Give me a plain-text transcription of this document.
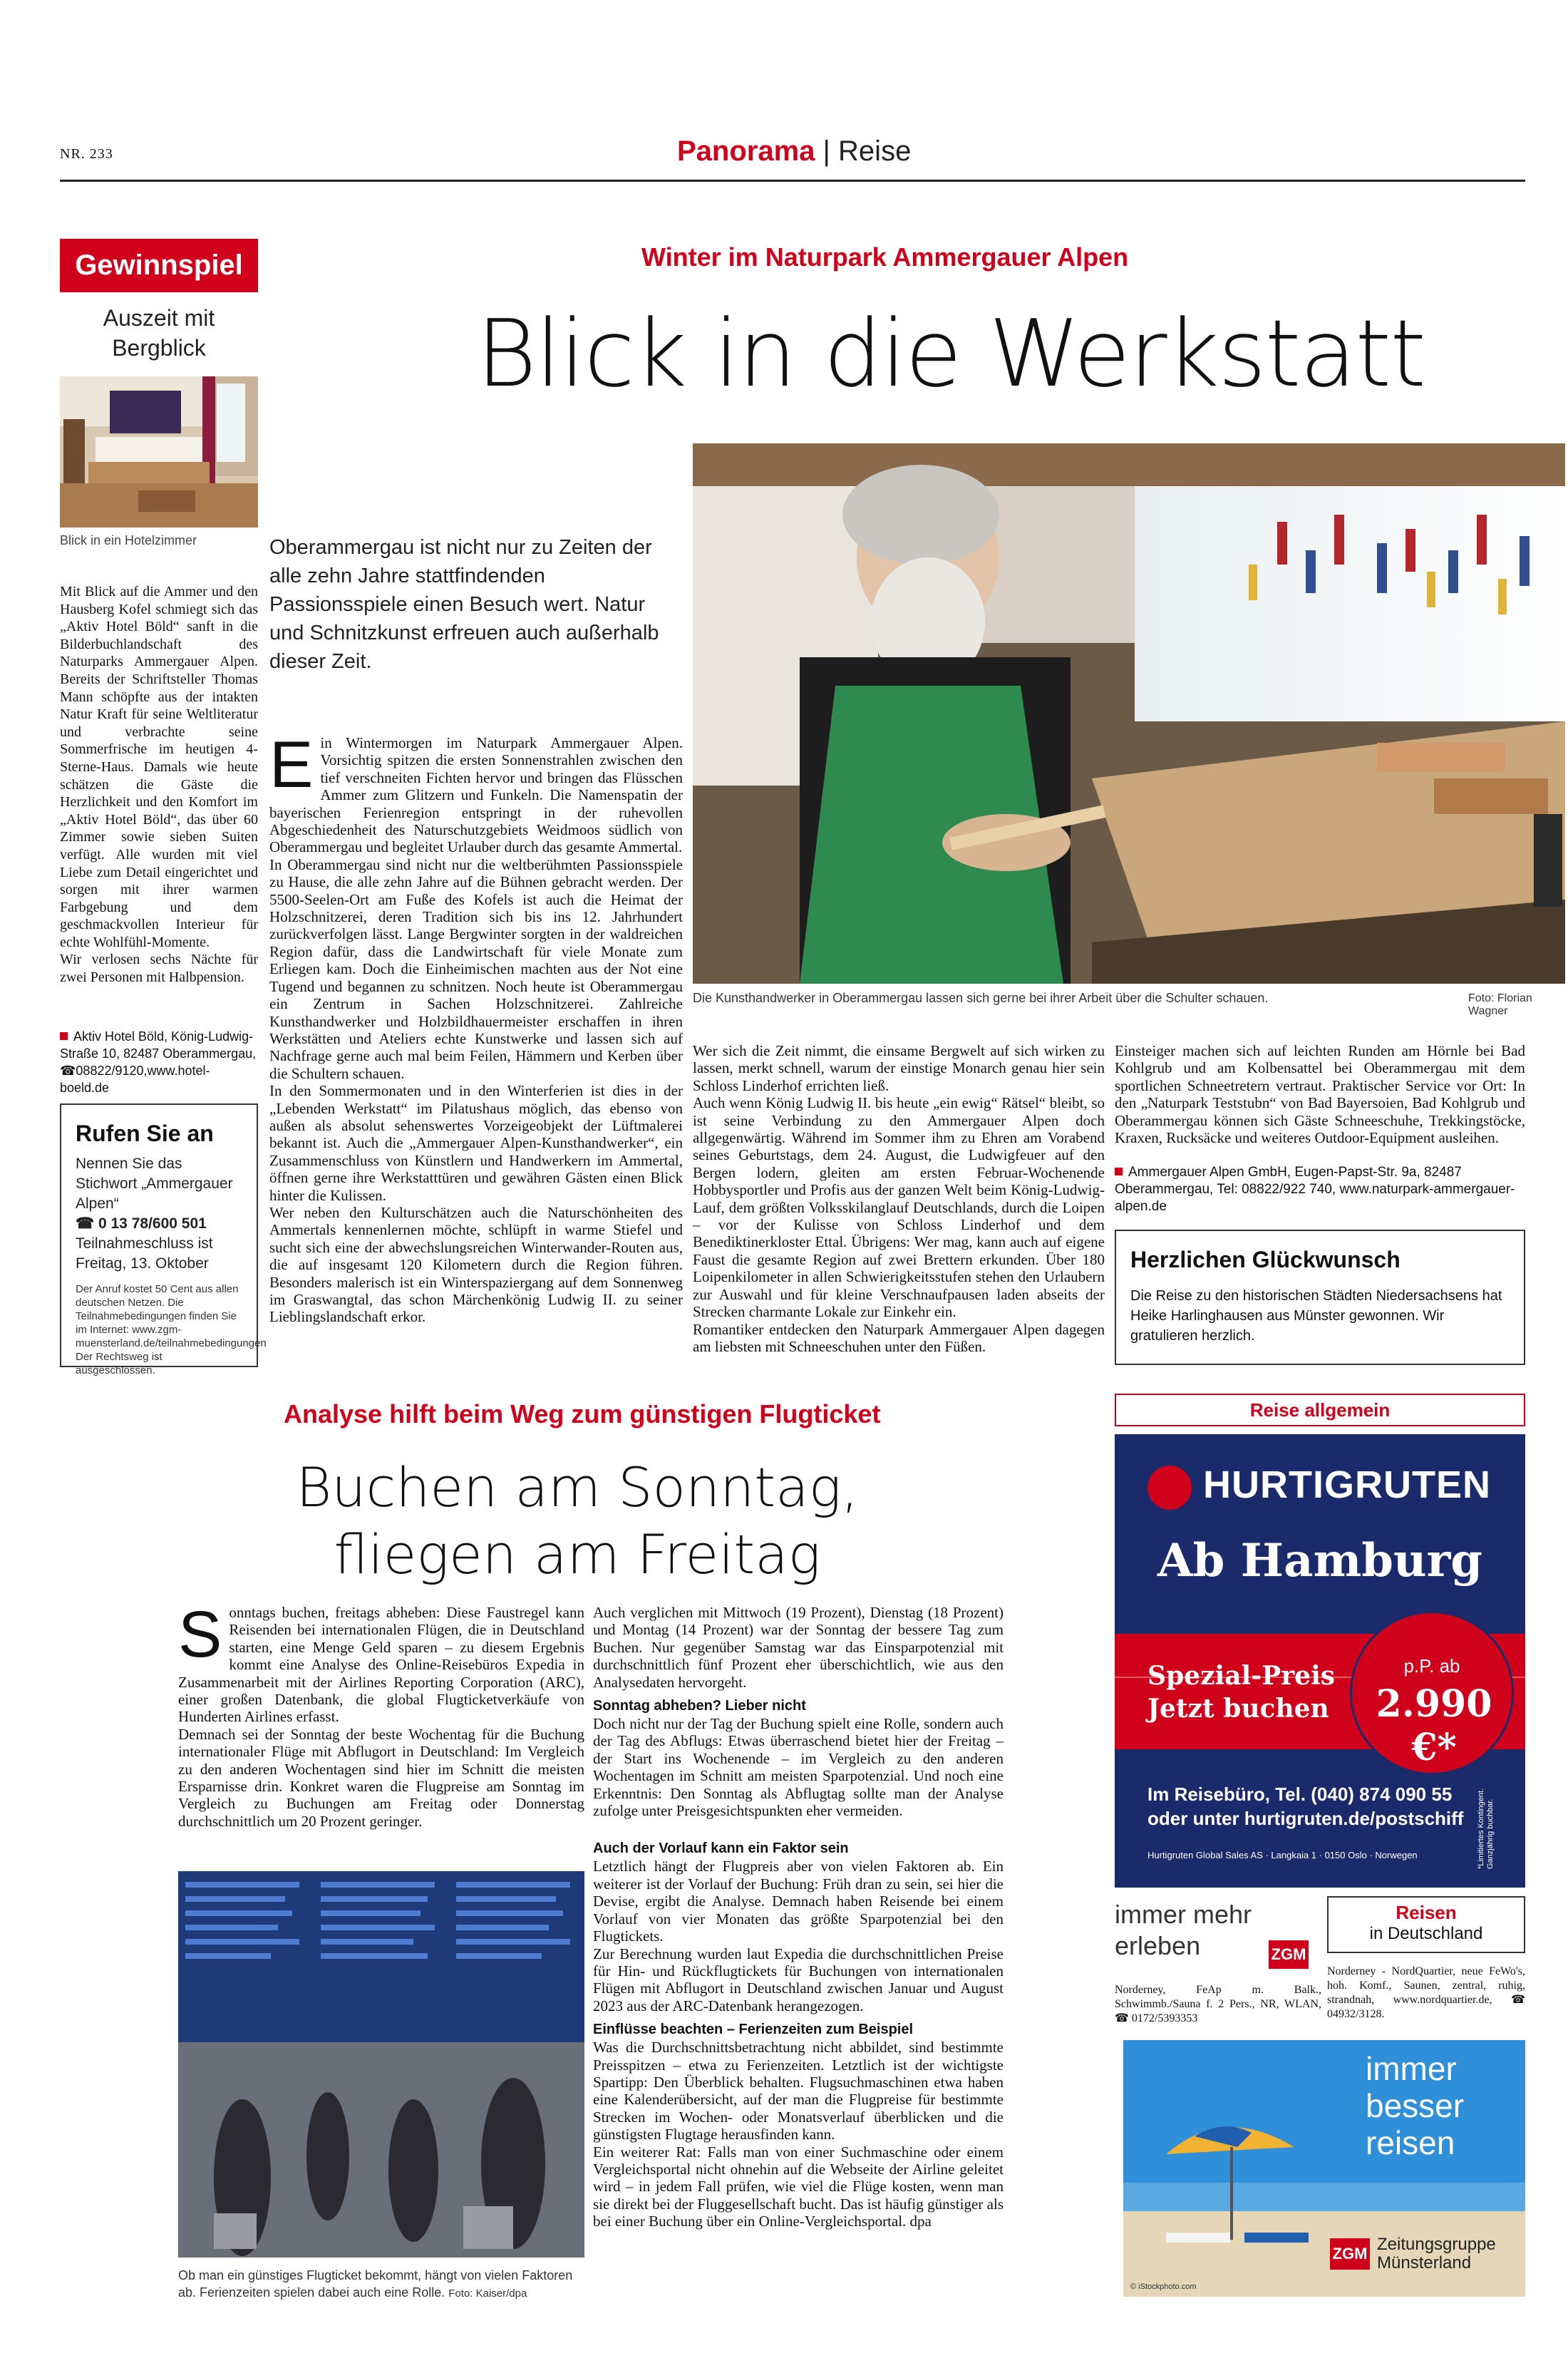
NR. 233	Panorama | Reise
Gewinnspiel
Auszeit mit Bergblick
Blick in ein Hotelzimmer

Mit Blick auf die Ammer und den Hausberg Kofel schmiegt sich das „Aktiv Hotel Böld“ sanft in die Bilderbuchlandschaft des Naturparks Ammergauer Alpen. Bereits der Schriftsteller Thomas Mann schöpfte aus der intakten Natur Kraft für seine Weltliteratur und verbrachte seine Sommerfrische im heutigen 4-Sterne-Haus. Damals wie heute schätzen die Gäste die Herzlichkeit und den Komfort im „Aktiv Hotel Böld“, das über 60 Zimmer sowie sieben Suiten verfügt. Alle wurden mit viel Liebe zum Detail eingerichtet und sorgen mit ihrer warmen Farbgebung und dem geschmackvollen Interieur für echte Wohlfühl-Momente.

Wir verlosen sechs Nächte für zwei Personen mit Halbpension.

Aktiv Hotel Böld, König-Ludwig-Straße 10, 82487 Oberammergau, ☎08822/9120,www.hotel-boeld.de
Rufen Sie an
Nennen Sie das Stichwort „Ammergauer Alpen“
☎ 0 13 78/600 501
Teilnahmeschluss ist Freitag, 13. Oktober
Der Anruf kostet 50 Cent aus allen deutschen Netzen. Die Teilnahmebedingungen finden Sie im Internet: www.zgm-muensterland.de/teilnahmebedingungen Der Rechtsweg ist ausgeschlossen.
Winter im Naturpark Ammergauer Alpen
Blick in die Werkstatt
Oberammergau ist nicht nur zu Zeiten der alle zehn Jahre stattfindenden Passionsspiele einen Besuch wert. Natur und Schnitzkunst erfreuen auch außerhalb dieser Zeit.
Die Kunsthandwerker in Oberammergau lassen sich gerne bei ihrer Arbeit über die Schulter schauen.	Foto: Florian Wagner
E in Wintermorgen im Naturpark Ammergauer Alpen. Vorsichtig spitzen die ersten Sonnenstrahlen zwischen den tief verschneiten Fichten hervor und bringen das Flüsschen Ammer zum Glitzern und Funkeln. Die Namenspatin der bayerischen Ferienregion entspringt in der ruhevollen Abgeschiedenheit des Naturschutzgebiets Weidmoos südlich von Oberammergau und begleitet Urlauber durch das gesamte Ammertal.

In Oberammergau sind nicht nur die weltberühmten Passionsspiele zu Hause, die alle zehn Jahre auf die Bühnen gebracht werden. Der 5500-Seelen-Ort am Fuße des Kofels ist auch die Heimat der Holzschnitzerei, deren Tradition sich bis ins 12. Jahrhundert zurückverfolgen lässt. Lange Bergwinter sorgten in der waldreichen Region dafür, dass die Landwirtschaft für viele Monate zum Erliegen kam. Doch die Einheimischen machten aus der Not eine Tugend und begannen zu schnitzen. Noch heute ist Oberammergau ein Zentrum in Sachen Holzschnitzerei. Zahlreiche Kunsthandwerker und Holzbildhauermeister erschaffen in ihren Werkstätten und Ateliers echte Kunstwerke und lassen sich auf Nachfrage gerne auch mal beim Feilen, Hämmern und Kerben über die Schultern schauen.

In den Sommermonaten und in den Winterferien ist dies in der „Lebenden Werkstatt“ im Pilatushaus möglich, das ebenso von außen als absolut sehenswertes Vorzeigeobjekt der Lüftmalerei bekannt ist. Auch die „Ammergauer Alpen-Kunsthandwerker“, ein Zusammenschluss von Künstlern und Handwerkern im Ammertal, öffnen gerne ihre Werkstatttüren und gewähren Gästen einen Blick hinter die Kulissen.

Wer neben den Kulturschätzen auch die Naturschönheiten des Ammertals kennenlernen möchte, schlüpft in warme Stiefel und sucht sich eine der abwechslungsreichen Winterwander-Routen aus, die auf insgesamt 120 Kilometern durch die Region führen. Besonders malerisch ist ein Winterspaziergang auf dem Sonnenweg im Graswangtal, das schon Märchenkönig Ludwig II. zu seiner Lieblingslandschaft erkor.

Wer sich die Zeit nimmt, die einsame Bergwelt auf sich wirken zu lassen, merkt schnell, warum der einstige Monarch genau hier sein Schloss Linderhof errichten ließ.

Auch wenn König Ludwig II. bis heute „ein ewig“ Rätsel“ bleibt, so ist seine Verbindung zu den Ammergauer Alpen doch allgegenwärtig. Während im Sommer ihm zu Ehren am Vorabend seines Geburtstags, dem 24. August, die Ludwigfeuer auf den Bergen lodern, gleiten am ersten Februar-Wochenende Hobbysportler und Profis aus der ganzen Welt beim König-Ludwig-Lauf, dem größten Volksskilanglauf Deutschlands, durch die Loipen – vor der Kulisse von Schloss Linderhof und dem Benediktinerkloster Ettal. Übrigens: Wer mag, kann auch auf eigene Faust die gesamte Region auf zwei Brettern erkunden. Über 180 Loipenkilometer in allen Schwierigkeitsstufen stehen den Urlaubern zur Auswahl und für kleine Verschnaufpausen laden abseits der Strecken charmante Lokale zur Einkehr ein.

Romantiker entdecken den Naturpark Ammergauer Alpen dagegen am liebsten mit Schneeschuhen unter den Füßen.

Einsteiger machen sich auf leichten Runden am Hörnle bei Bad Kohlgrub und am Kolbensattel bei Oberammergau mit dem sportlichen Schneetretern vertraut. Praktischer Service vor Ort: In den „Naturpark Teststubn“ von Bad Bayersoien, Bad Kohlgrub und Oberammergau können sich Gäste Schneeschuhe, Trekkingstöcke, Kraxen, Rucksäcke und weiteres Outdoor-Equipment ausleihen.

Ammergauer Alpen GmbH, Eugen-Papst-Str. 9a, 82487 Oberammergau, Tel: 08822/922 740, www.naturpark-ammergauer-alpen.de
Herzlichen Glückwunsch
Die Reise zu den historischen Städten Niedersachsens hat Heike Harlinghausen aus Münster gewonnen. Wir gratulieren herzlich.
Analyse hilft beim Weg zum günstigen Flugticket
Buchen am Sonntag,
fliegen am Freitag
S onntags buchen, freitags abheben: Diese Faustregel kann Reisenden bei internationalen Flügen, die in Deutschland starten, eine Menge Geld sparen – zu diesem Ergebnis kommt eine Analyse des Online-Reisebüros Expedia in Zusammenarbeit mit der Airlines Reporting Corporation (ARC), einer großen Datenbank, die global Flugticketverkäufe von Hunderten Airlines erfasst.

Demnach sei der Sonntag der beste Wochentag für die Buchung internationaler Flüge mit Abflugort in Deutschland: Im Vergleich zu den anderen Wochentagen sind hier im Schnitt die meisten Ersparnisse drin. Konkret waren die Flugpreise am Sonntag im Vergleich zu Buchungen am Freitag oder Donnerstag durchschnittlich um 20 Prozent geringer.

Auch verglichen mit Mittwoch (19 Prozent), Dienstag (18 Prozent) und Montag (14 Prozent) war der Sonntag der bessere Tag zum Buchen. Nur gegenüber Samstag war das Einsparpotenzial mit durchschnittlich fünf Prozent eher überschichtlich, wie aus den Analysedaten hervorgeht.

Sonntag abheben? Lieber nicht

Doch nicht nur der Tag der Buchung spielt eine Rolle, sondern auch der Tag des Abflugs: Etwas überraschend bietet hier der Freitag – der Start ins Wochenende – im Vergleich zu den anderen Wochentagen im Schnitt am meisten Sparpotenzial. Und noch eine Erkenntnis: Den Sonntag als Abflugtag sollte man der Analyse zufolge unter Preisgesichtspunkten eher vermeiden.

Auch der Vorlauf kann ein Faktor sein

Letztlich hängt der Flugpreis aber von vielen Faktoren ab. Ein weiterer ist der Vorlauf der Buchung: Früh dran zu sein, sei hier die Devise, ergibt die Analyse. Demnach haben Reisende bei einem Vorlauf von vier Monaten das größte Sparpotenzial bei den Flugtickets.

Zur Berechnung wurden laut Expedia die durchschnittlichen Preise für Hin- und Rückflugtickets für Buchungen von internationalen Flügen mit Abflugort in Deutschland zwischen Januar und August 2023 aus der ARC-Datenbank herangezogen.

Einflüsse beachten – Ferienzeiten zum Beispiel

Was die Durchschnittsbetrachtung nicht abbildet, sind bestimmte Preisspitzen – etwa zu Ferienzeiten. Letztlich ist der wichtigste Spartipp: Den Überblick behalten. Flugsuchmaschinen etwa haben eine Kalenderübersicht, auf der man die Flugpreise für bestimmte Strecken im Wochen- oder Monatsverlauf überblicken und die günstigsten Flugtage herausfinden kann.

Ein weiterer Rat: Falls man von einer Suchmaschine oder einem Vergleichsportal nicht ohnehin auf die Webseite der Airline geleitet wird – in jedem Fall prüfen, wie viel die Flüge kosten, wenn man sie direkt bei der Fluggesellschaft bucht. Das ist häufig günstiger als bei einer Buchung über ein Online-Vergleichsportal. dpa

Ob man ein günstiges Flugticket bekommt, hängt von vielen Faktoren ab. Ferienzeiten spielen dabei auch eine Rolle. Foto: Kaiser/dpa
Reise allgemein
HURTIGRUTEN
Ab Hamburg
Spezial-Preis
Jetzt buchen
p.P. ab
2.990 €*
Im Reisebüro, Tel. (040) 874 090 55
oder unter hurtigruten.de/postschiff
Hurtigruten Global Sales AS · Langkaia 1 · 0150 Oslo · Norwegen	*Limitiertes Kontingent. Ganzjährig buchbar.
immer mehr
erleben	ZGM
Reisen
in Deutschland
Norderney, FeAp m. Balk., Schwimmb./Sauna f. 2 Pers., NR, WLAN, ☎ 0172/5393353
Norderney - NordQuartier, neue FeWo's, hoh. Komf., Saunen, zentral, ruhig, strandnah, www.nordquartier.de, ☎ 04932/3128.
immer
besser
reisen
ZGM Zeitungsgruppe
Münsterland
© iStockphoto.com
